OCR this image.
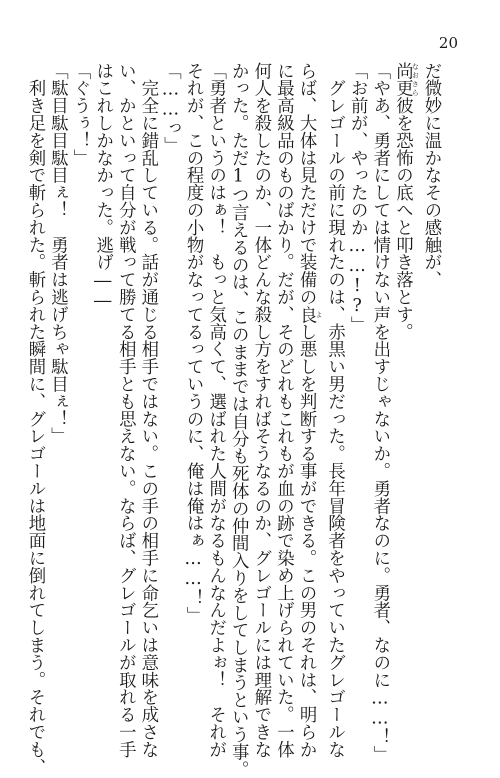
20
だ微妙に温かなその感触が、
尚更 なおさら彼を恐怖の底へと叩き落とす。
「やあ、勇者にしては情けない声を出すじゃないか。勇者なのに。勇者、なのに……！」
「お前が、やったのか……!?」
　グレゴールの前に現れたのは、赤黒い男だった。長年冒険者をやっていたグレゴールな
らば、大体は見ただけで装備の良 よし悪しを判断する事ができる。この男のそれは、明らか
に最高級品のものばかり。だが、そのどれもこれもが血の跡で染め上げられていた。一体
何人を殺したのか、一体どんな殺し方をすればそうなるのか、グレゴールには理解できな
かった。ただ1つ言えるのは、このままでは自分も死体の仲間入りをしてしまうという事。
「勇者というのはぁ！　もっと気高くて、選ばれた人間がなるもんなんだよぉ！　それが
それが、この程度の小物がなってるっていうのに、俺は俺はぁ……！」
「……っ」
　完全に錯乱している。話が通じる相手ではない。この手の相手に命乞いは意味を成さな
い、かといって自分が戦って勝てる相手とも思えない。ならば、グレゴールが取れる一手
はこれしかなかった。逃げ――
「ぐうぅ！」
「駄目駄目駄目ぇ！　勇者は逃げちゃ駄目ぇ！」
　利き足を剣で斬られた。斬られた瞬間に、グレゴールは地面に倒れてしまう。それでも、
